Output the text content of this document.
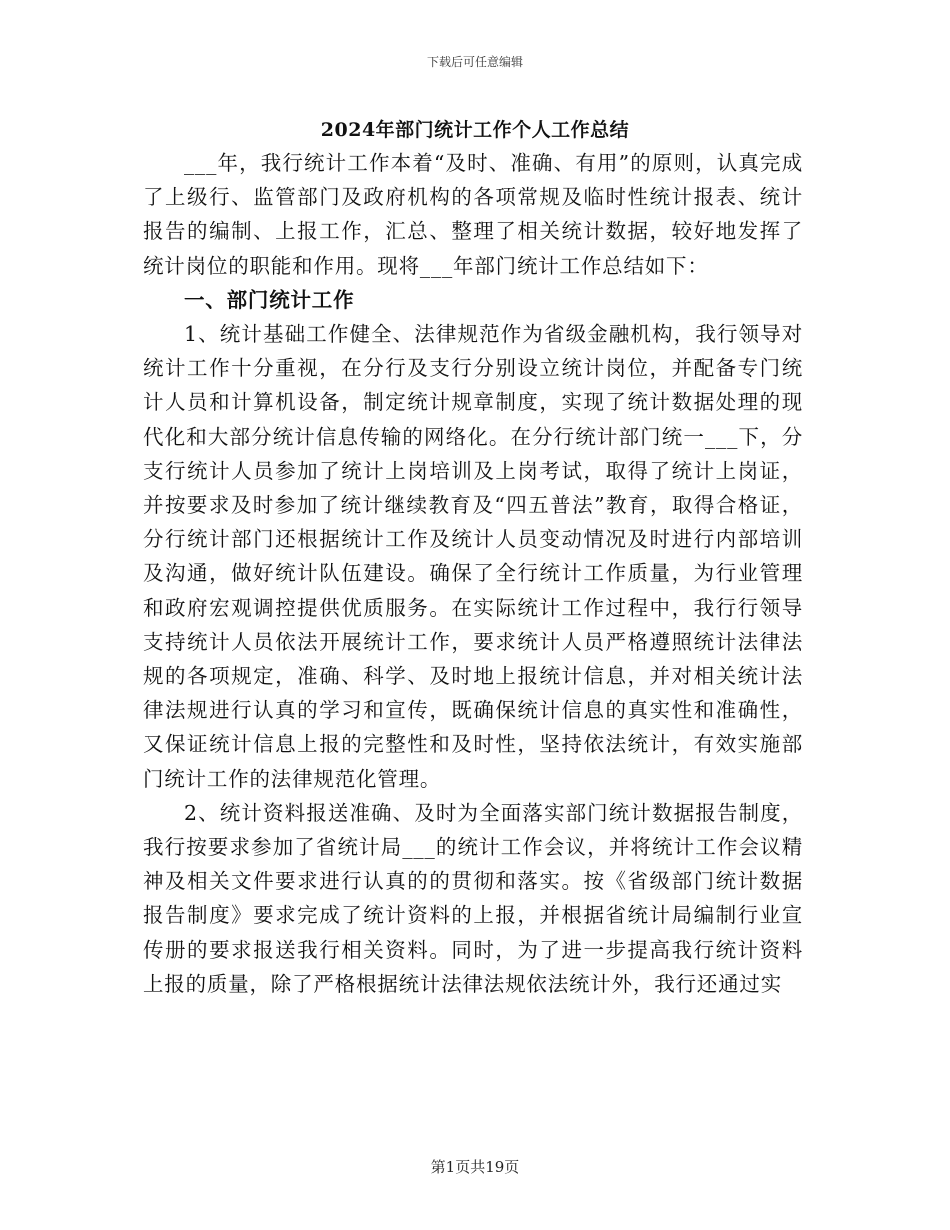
下载后可任意编辑
2024年部门统计工作个人工作总结

___年，我行统计工作本着“及时、准确、有用”的原则，认真完成了上级行、监管部门及政府机构的各项常规及临时性统计报表、统计报告的编制、上报工作，汇总、整理了相关统计数据，较好地发挥了统计岗位的职能和作用。现将___年部门统计工作总结如下：

一、部门统计工作

1、统计基础工作健全、法律规范作为省级金融机构，我行领导对统计工作十分重视，在分行及支行分别设立统计岗位，并配备专门统计人员和计算机设备，制定统计规章制度，实现了统计数据处理的现代化和大部分统计信息传输的网络化。在分行统计部门统一___下，分支行统计人员参加了统计上岗培训及上岗考试，取得了统计上岗证，并按要求及时参加了统计继续教育及“四五普法”教育，取得合格证，分行统计部门还根据统计工作及统计人员变动情况及时进行内部培训及沟通，做好统计队伍建设。确保了全行统计工作质量，为行业管理和政府宏观调控提供优质服务。在实际统计工作过程中，我行行领导支持统计人员依法开展统计工作，要求统计人员严格遵照统计法律法规的各项规定，准确、科学、及时地上报统计信息，并对相关统计法律法规进行认真的学习和宣传，既确保统计信息的真实性和准确性，又保证统计信息上报的完整性和及时性，坚持依法统计，有效实施部门统计工作的法律规范化管理。

2、统计资料报送准确、及时为全面落实部门统计数据报告制度，我行按要求参加了省统计局___的统计工作会议，并将统计工作会议精神及相关文件要求进行认真的的贯彻和落实。按《省级部门统计数据报告制度》要求完成了统计资料的上报，并根据省统计局编制行业宣传册的要求报送我行相关资料。同时，为了进一步提高我行统计资料上报的质量，除了严格根据统计法律法规依法统计外，我行还通过实

第1页共19页
